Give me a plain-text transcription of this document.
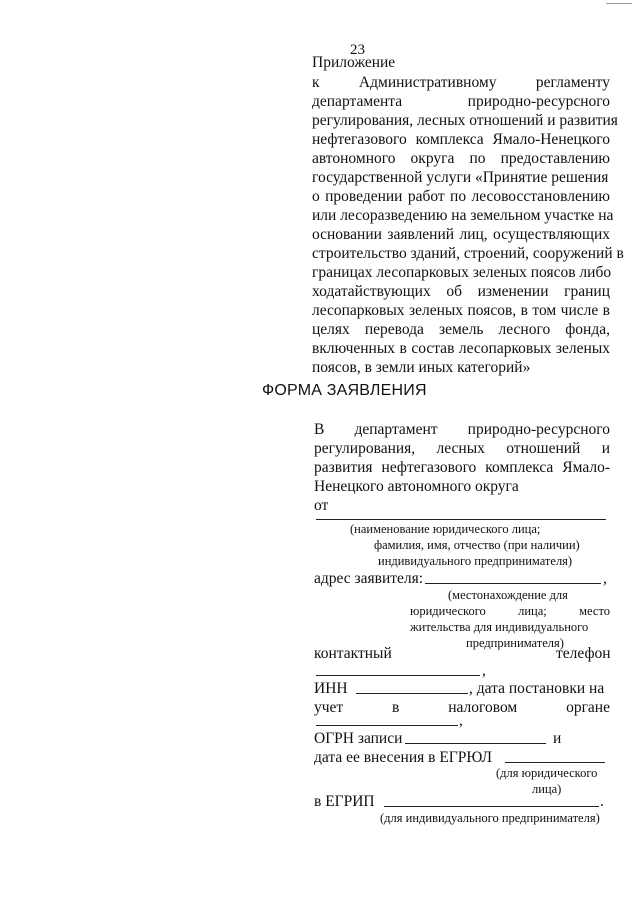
23
Приложение
к Административному регламенту
департамента природно-ресурсного
регулирования, лесных отношений и развития
нефтегазового комплекса Ямало-Ненецкого
автономного округа по предоставлению
государственной услуги «Принятие решения
о проведении работ по лесовосстановлению
или лесоразведению на земельном участке на
основании заявлений лиц, осуществляющих
строительство зданий, строений, сооружений в
границах лесопарковых зеленых поясов либо
ходатайствующих об изменении границ
лесопарковых зеленых поясов, в том числе в
целях перевода земель лесного фонда,
включенных в состав лесопарковых зеленых
поясов, в земли иных категорий»
ФОРМА ЗАЯВЛЕНИЯ
В департамент природно-ресурсного
регулирования, лесных отношений и
развития нефтегазового комплекса Ямало-
Ненецкого автономного округа
от
(наименование юридического лица;
фамилия, имя, отчество (при наличии)
индивидуального предпринимателя)
адрес заявителя:	,
(местонахождение для
юридического лица; место
жительства для индивидуального
предпринимателя)
контактный	телефон
,
ИНН	, дата постановки на
учет в налоговом органе
,
ОГРН записи	и
дата ее внесения в ЕГРЮЛ
(для юридического
лица)
в ЕГРИП	.
(для индивидуального предпринимателя)
